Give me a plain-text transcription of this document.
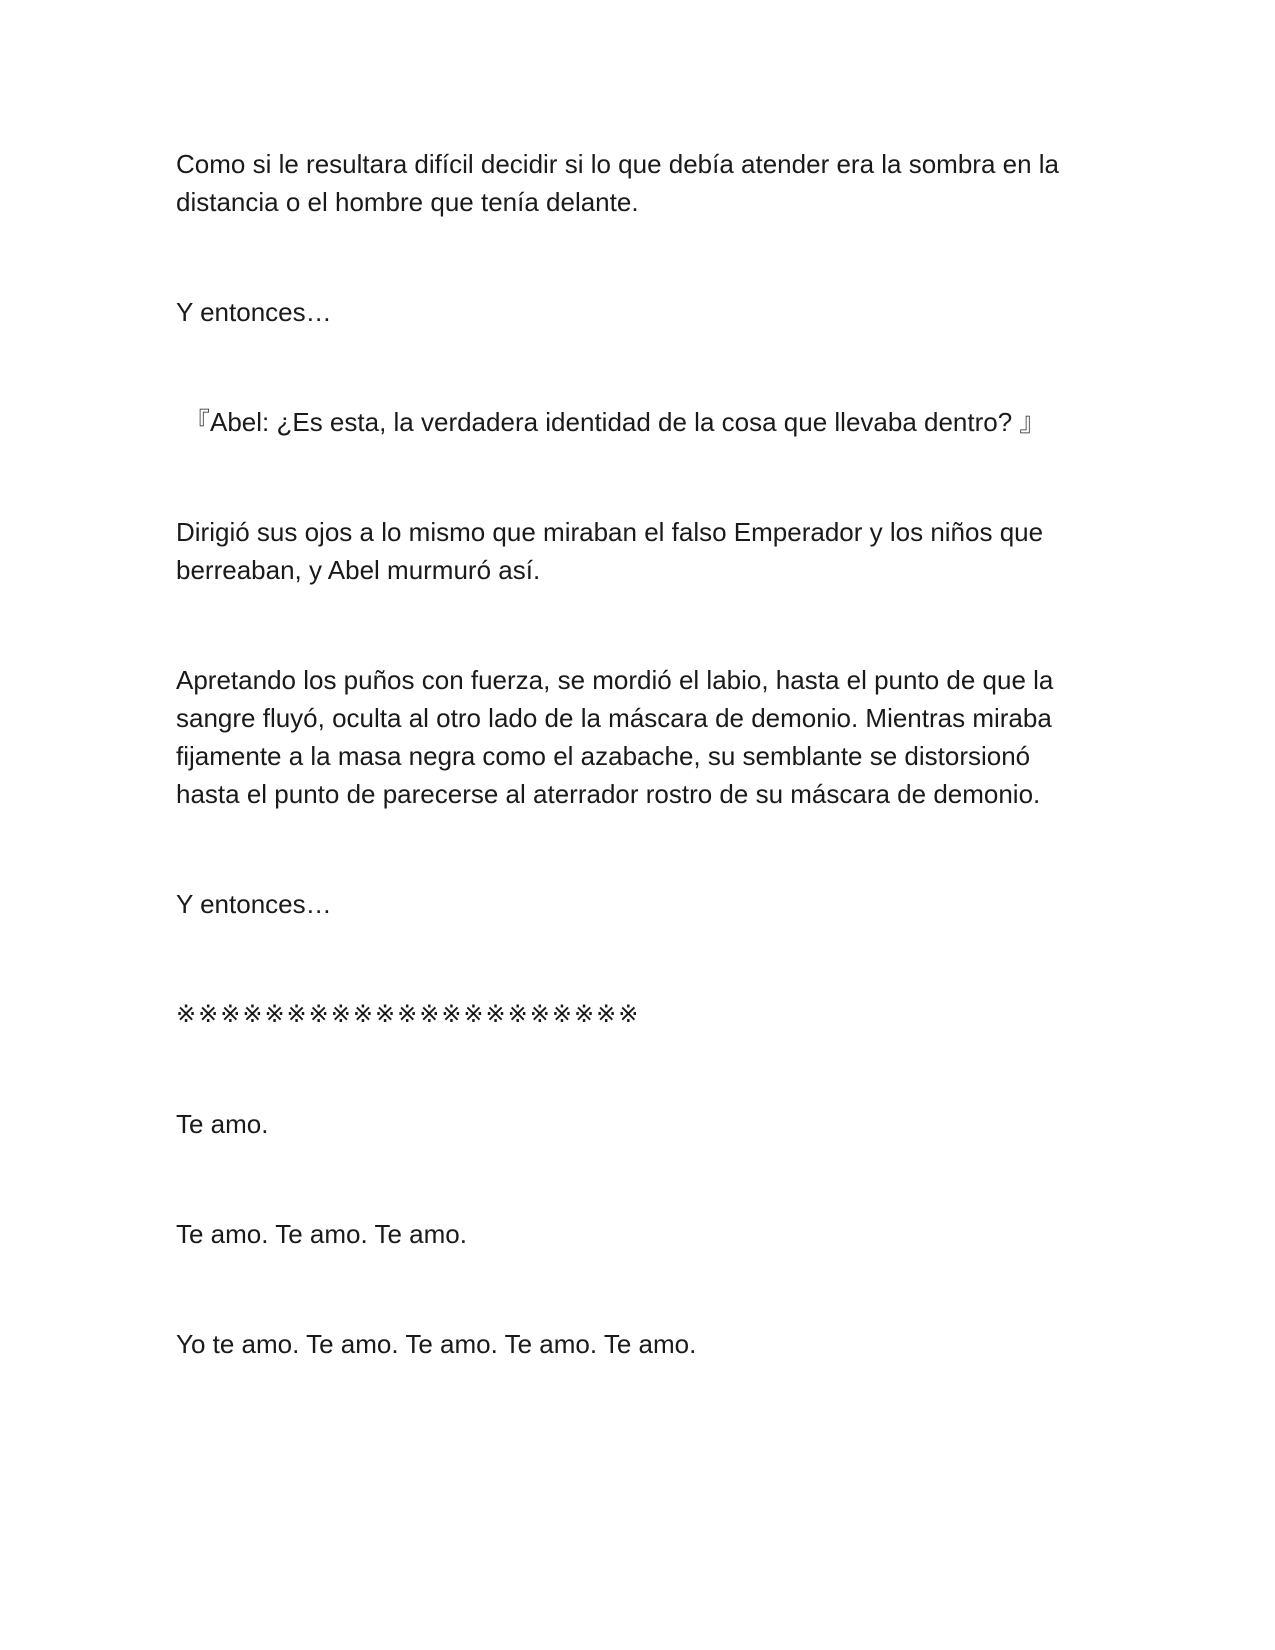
Como si le resultara difícil decidir si lo que debía atender era la sombra en la distancia o el hombre que tenía delante.

Y entonces…

『Abel: ¿Es esta, la verdadera identidad de la cosa que llevaba dentro? 』

Dirigió sus ojos a lo mismo que miraban el falso Emperador y los niños que berreaban, y Abel murmuró así.

Apretando los puños con fuerza, se mordió el labio, hasta el punto de que la sangre fluyó, oculta al otro lado de la máscara de demonio. Mientras miraba fijamente a la masa negra como el azabache, su semblante se distorsionó hasta el punto de parecerse al aterrador rostro de su máscara de demonio.

Y entonces…

※※※※※※※※※※※※※※※※※※※※※

Te amo.

Te amo. Te amo. Te amo.

Yo te amo. Te amo. Te amo. Te amo. Te amo.
